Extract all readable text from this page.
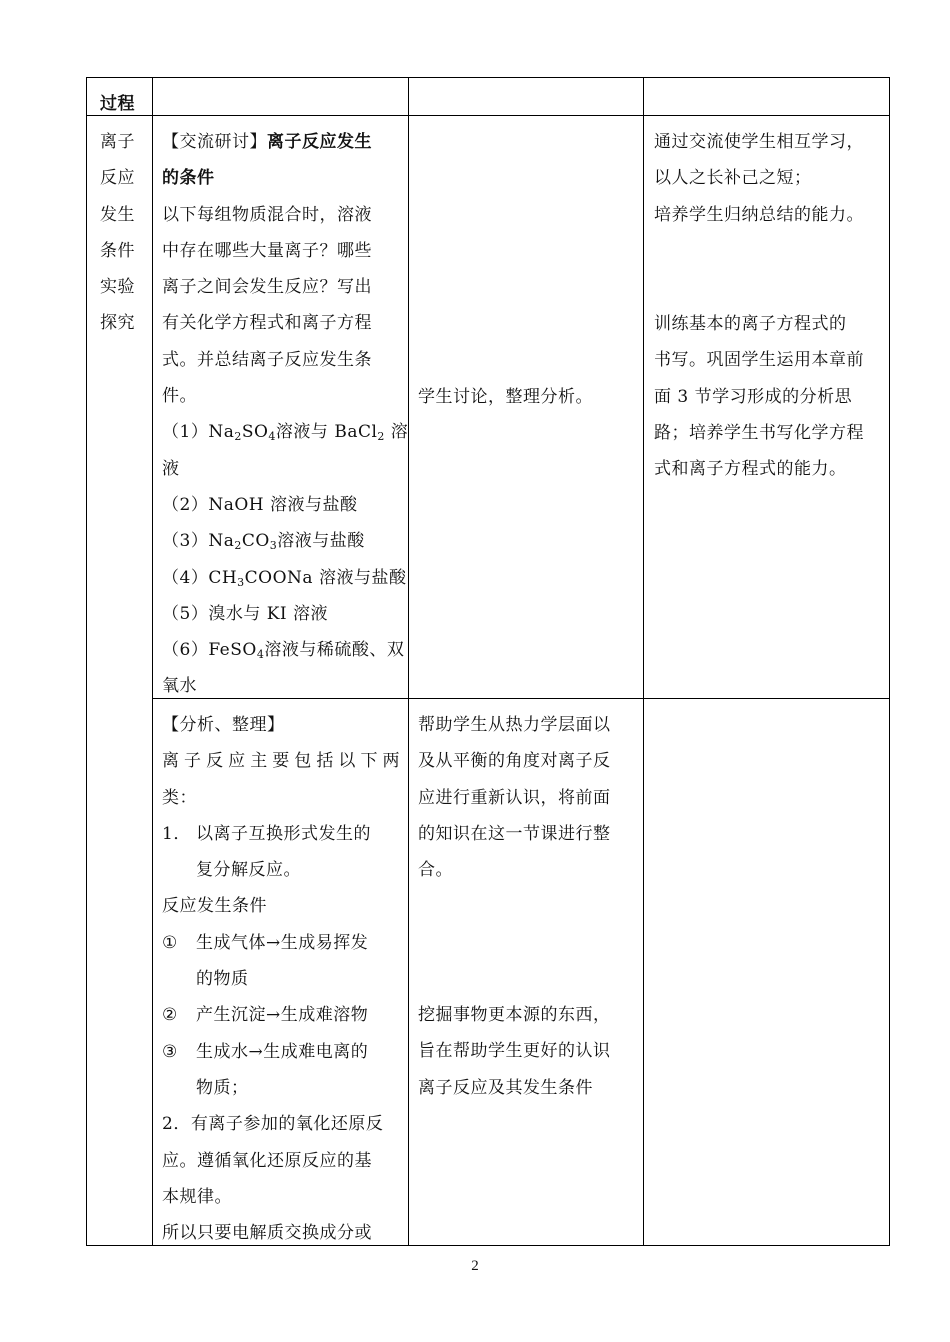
过程
离子
反应
发生
条件
实验
探究
【交流研讨】离子反应发生
的条件
以下每组物质混合时，溶液
中存在哪些大量离子？哪些
离子之间会发生反应？写出
有关化学方程式和离子方程
式。并总结离子反应发生条
件。
$(1)Na_2SO_4$溶液与 BaCl$_2$ 溶
液
（2）NaOH 溶液与盐酸
$(3)Na_2CO_3$溶液与盐酸
$(4)CH_3COONa$ 溶液与盐酸
（5）溴水与 KI 溶液
（6）FeSO$_4$溶液与稀硫酸、双
氧水
学生讨论，整理分析。
通过交流使学生相互学习，
以人之长补己之短；
培养学生归纳总结的能力。
训练基本的离子方程式的
书写。巩固学生运用本章前
面 3 节学习形成的分析思
路；培养学生书写化学方程
式和离子方程式的能力。
【分析、整理】
离子反应主要包括以下两
类：
1． 以离子互换形式发生的
复分解反应。
反应发生条件
① 生成气体→生成易挥发
的物质
② 产生沉淀→生成难溶物
③ 生成水→生成难电离的
物质；
2．有离子参加的氧化还原反
应。遵循氧化还原反应的基
本规律。
所以只要电解质交换成分或
帮助学生从热力学层面以
及从平衡的角度对离子反
应进行重新认识，将前面
的知识在这一节课进行整
合。
挖掘事物更本源的东西，
旨在帮助学生更好的认识
离子反应及其发生条件
2
